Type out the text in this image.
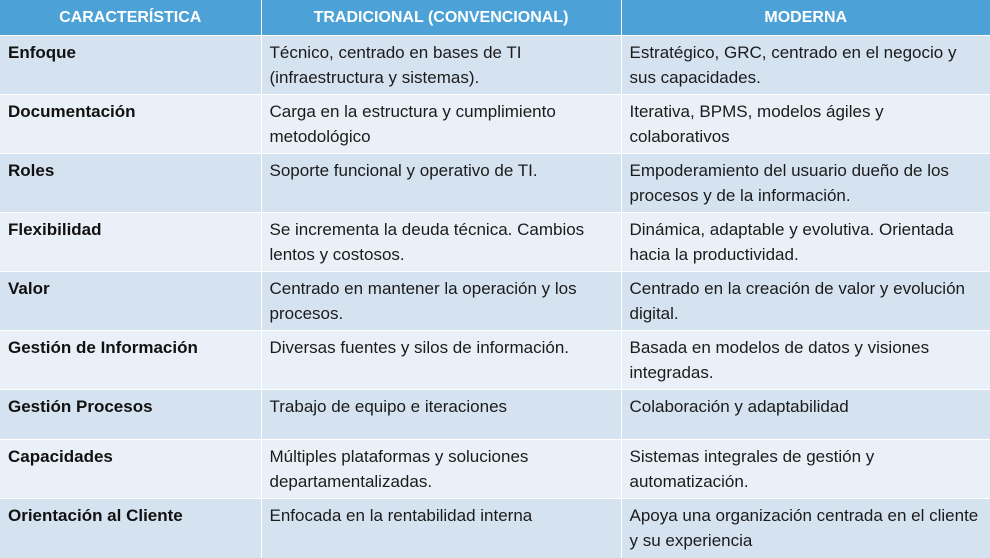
CARACTERÍSTICA	TRADICIONAL (CONVENCIONAL)	MODERNA
Enfoque	Técnico, centrado en bases de TI (infraestructura y sistemas).	Estratégico, GRC, centrado en el negocio y sus capacidades.
Documentación	Carga en la estructura y cumplimiento metodológico	Iterativa, BPMS, modelos ágiles y colaborativos
Roles	Soporte funcional y operativo de TI.	Empoderamiento del usuario dueño de los procesos y de la información.
Flexibilidad	Se incrementa la deuda técnica. Cambios lentos y costosos.	Dinámica, adaptable y evolutiva. Orientada hacia la productividad.
Valor	Centrado en mantener la operación y los procesos.	Centrado en la creación de valor y evolución digital.
Gestión de Información	Diversas fuentes y silos de información.	Basada en modelos de datos y visiones integradas.
Gestión Procesos	Trabajo de equipo e iteraciones	Colaboración y adaptabilidad
Capacidades	Múltiples plataformas y soluciones departamentalizadas.	Sistemas integrales de gestión y automatización.
Orientación al Cliente	Enfocada en la rentabilidad interna	Apoya una organización centrada en el cliente y su experiencia
